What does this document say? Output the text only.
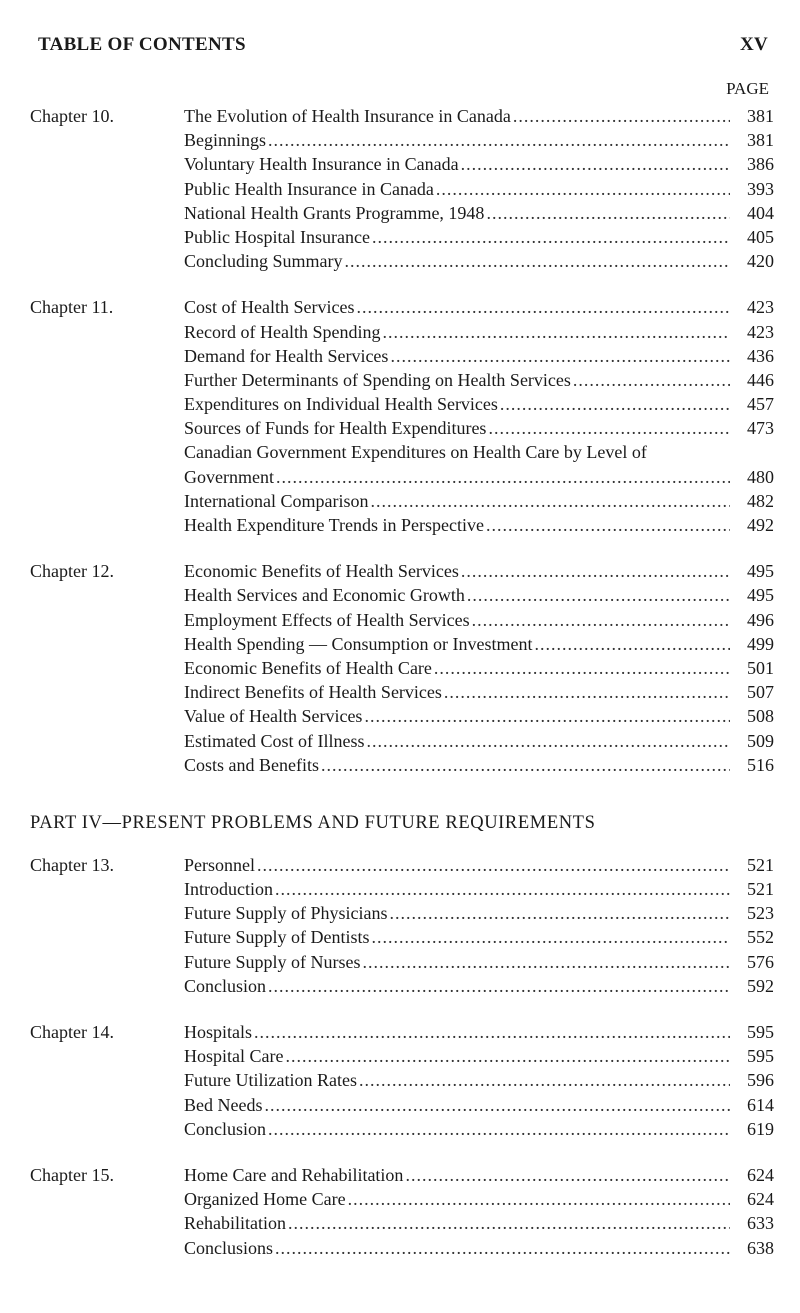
TABLE OF CONTENTS	XV
PAGE
Chapter 10.	The Evolution of Health Insurance in Canada .....	381
Beginnings .....	381
Voluntary Health Insurance in Canada .....	386
Public Health Insurance in Canada .....	393
National Health Grants Programme, 1948 .....	404
Public Hospital Insurance .....	405
Concluding Summary .....	420
Chapter 11.	Cost of Health Services .....	423
Record of Health Spending .....	423
Demand for Health Services .....	436
Further Determinants of Spending on Health Services .....	446
Expenditures on Individual Health Services .....	457
Sources of Funds for Health Expenditures .....	473
Canadian Government Expenditures on Health Care by Level of
Government .....	480
International Comparison .....	482
Health Expenditure Trends in Perspective .....	492
Chapter 12.	Economic Benefits of Health Services .....	495
Health Services and Economic Growth .....	495
Employment Effects of Health Services .....	496
Health Spending — Consumption or Investment .....	499
Economic Benefits of Health Care .....	501
Indirect Benefits of Health Services .....	507
Value of Health Services .....	508
Estimated Cost of Illness .....	509
Costs and Benefits .....	516
PART IV—PRESENT PROBLEMS AND FUTURE REQUIREMENTS
Chapter 13.	Personnel .....	521
Introduction .....	521
Future Supply of Physicians .....	523
Future Supply of Dentists .....	552
Future Supply of Nurses .....	576
Conclusion .....	592
Chapter 14.	Hospitals .....	595
Hospital Care .....	595
Future Utilization Rates .....	596
Bed Needs .....	614
Conclusion .....	619
Chapter 15.	Home Care and Rehabilitation .....	624
Organized Home Care .....	624
Rehabilitation .....	633
Conclusions .....	638
